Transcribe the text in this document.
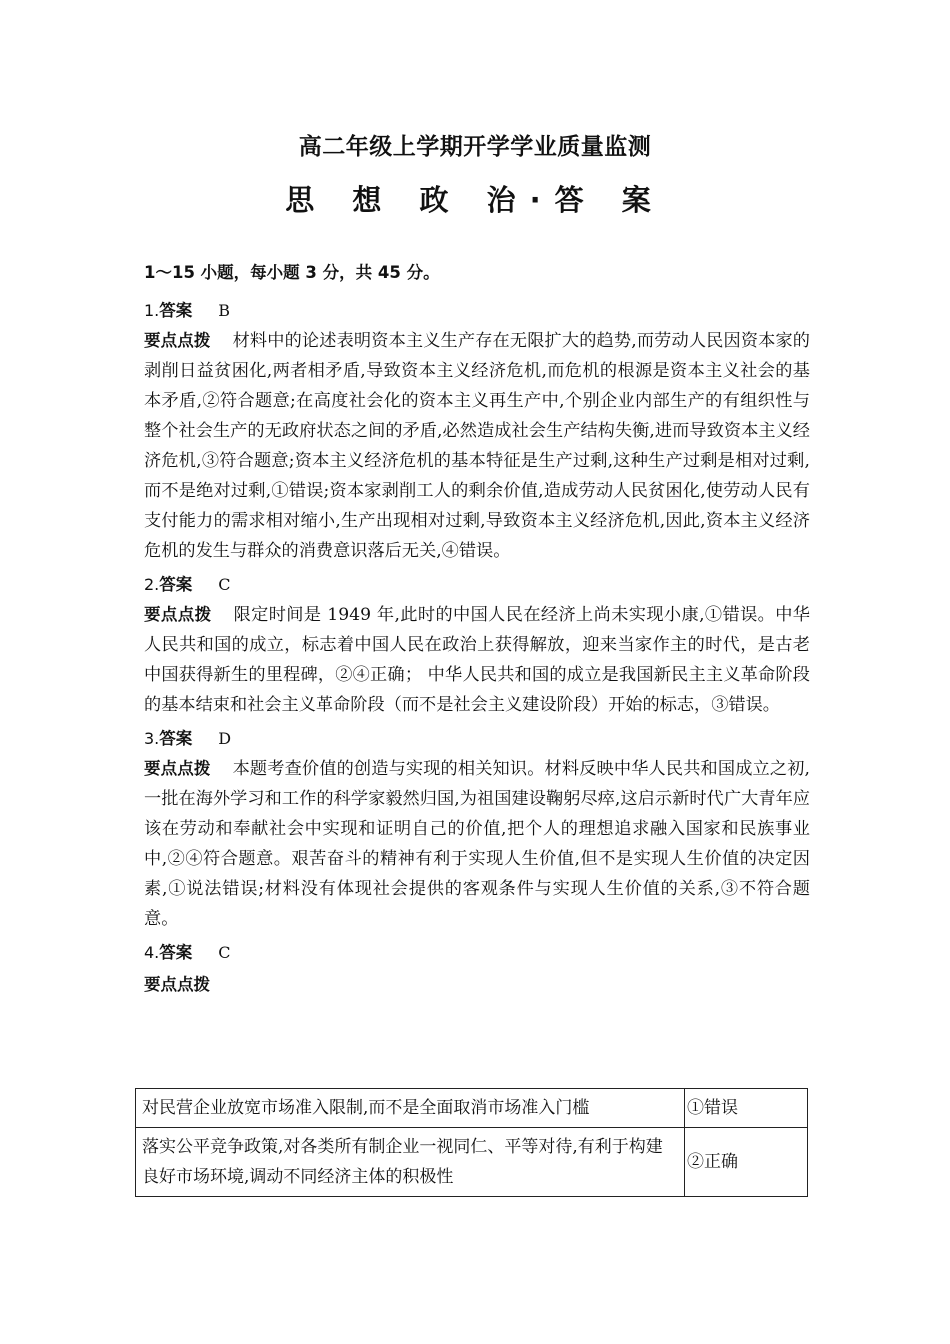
高二年级上学期开学学业质量监测
思 想 政 治·答 案

1～15 小题，每小题 3 分，共 45 分。

1.答案 B

要点点拨 材料中的论述表明资本主义生产存在无限扩大的趋势,而劳动人民因资本家的剥削日益贫困化,两者相矛盾,导致资本主义经济危机,而危机的根源是资本主义社会的基本矛盾,②符合题意;在高度社会化的资本主义再生产中,个别企业内部生产的有组织性与整个社会生产的无政府状态之间的矛盾,必然造成社会生产结构失衡,进而导致资本主义经济危机,③符合题意;资本主义经济危机的基本特征是生产过剩,这种生产过剩是相对过剩,而不是绝对过剩,①错误;资本家剥削工人的剩余价值,造成劳动人民贫困化,使劳动人民有支付能力的需求相对缩小,生产出现相对过剩,导致资本主义经济危机,因此,资本主义经济危机的发生与群众的消费意识落后无关,④错误。

2.答案 C

要点点拨 限定时间是 1949 年,此时的中国人民在经济上尚未实现小康,①错误。中华人民共和国的成立，标志着中国人民在政治上获得解放，迎来当家作主的时代，是古老中国获得新生的里程碑，②④正确； 中华人民共和国的成立是我国新民主主义革命阶段的基本结束和社会主义革命阶段（而不是社会主义建设阶段）开始的标志，③错误。

3.答案 D

要点点拨 本题考查价值的创造与实现的相关知识。材料反映中华人民共和国成立之初,一批在海外学习和工作的科学家毅然归国,为祖国建设鞠躬尽瘁,这启示新时代广大青年应该在劳动和奉献社会中实现和证明自己的价值,把个人的理想追求融入国家和民族事业中,②④符合题意。艰苦奋斗的精神有利于实现人生价值,但不是实现人生价值的决定因素,①说法错误;材料没有体现社会提供的客观条件与实现人生价值的关系,③不符合题意。

4.答案 C

要点点拨

对民营企业放宽市场准入限制,而不是全面取消市场准入门槛	①错误
落实公平竞争政策,对各类所有制企业一视同仁、平等对待,有利于构建良好市场环境,调动不同经济主体的积极性	②正确
